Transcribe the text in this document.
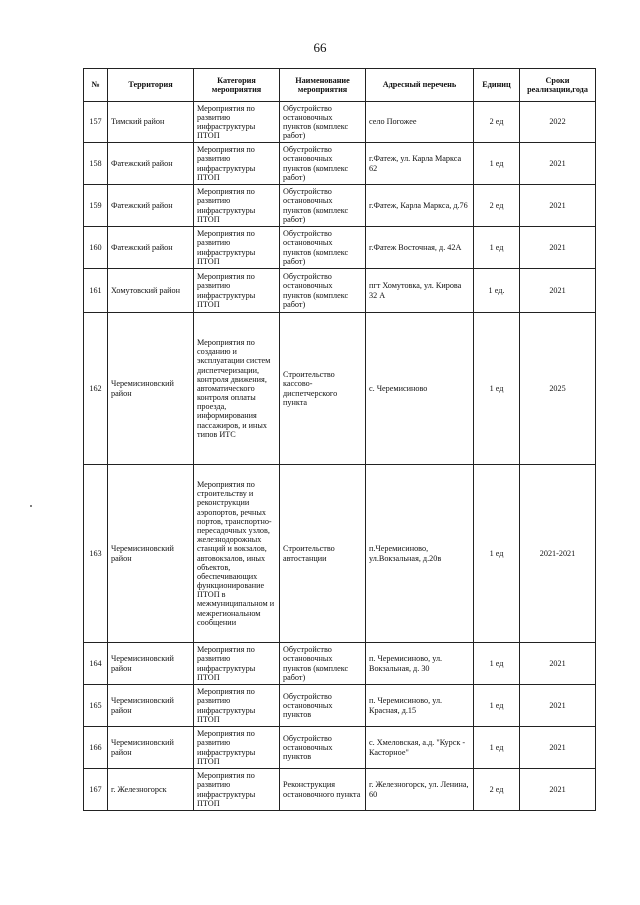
66
№	Территория	Категория мероприятия	Наименование мероприятия	Адресный перечень	Единиц	Сроки реализации,года
157	Тимский район	Мероприятия по развитию инфраструктуры ПТОП	Обустройство остановочных пунктов (комплекс работ)	село Погожее	2 ед	2022
158	Фатежский район	Мероприятия по развитию инфраструктуры ПТОП	Обустройство остановочных пунктов (комплекс работ)	г.Фатеж, ул. Карла Маркса 62	1 ед	2021
159	Фатежский район	Мероприятия по развитию инфраструктуры ПТОП	Обустройство остановочных пунктов (комплекс работ)	г.Фатеж, Карла Маркса, д.76	2 ед	2021
160	Фатежский район	Мероприятия по развитию инфраструктуры ПТОП	Обустройство остановочных пунктов (комплекс работ)	г.Фатеж Восточная, д. 42А	1 ед	2021
161	Хомутовский район	Мероприятия по развитию инфраструктуры ПТОП	Обустройство остановочных пунктов (комплекс работ)	пгт Хомутовка, ул. Кирова 32 А	1 ед.	2021
162	Черемисиновский район	Мероприятия по созданию и эксплуатации систем диспетчеризации, контроля движения, автоматического контроля оплаты проезда, информирования пассажиров, и иных типов ИТС	Строительство кассово-диспетчерского пункта	с. Черемисиново	1 ед	2025
163	Черемисиновский район	Мероприятия по строительству и реконструкции аэропортов, речных портов, транспортно-пересадочных узлов, железнодорожных станций и вокзалов, автовокзалов, иных объектов, обеспечивающих функционирование ПТОП в межмуниципальном и межрегиональном сообщении	Строительство автостанции	п.Черемисиново, ул.Вокзальная, д.20в	1 ед	2021-2021
164	Черемисиновский район	Мероприятия по развитию инфраструктуры ПТОП	Обустройство остановочных пунктов (комплекс работ)	п. Черемисиново, ул. Вокзальная, д. 30	1 ед	2021
165	Черемисиновский район	Мероприятия по развитию инфраструктуры ПТОП	Обустройство остановочных пунктов	п. Черемисиново, ул. Красная, д.15	1 ед	2021
166	Черемисиновский район	Мероприятия по развитию инфраструктуры ПТОП	Обустройство остановочных пунктов	с. Хмеловская, а.д. "Курск - Касторное"	1 ед	2021
167	г. Железногорск	Мероприятия по развитию инфраструктуры ПТОП	Реконструкция остановочного пункта	г. Железногорск, ул. Ленина, 60	2 ед	2021
